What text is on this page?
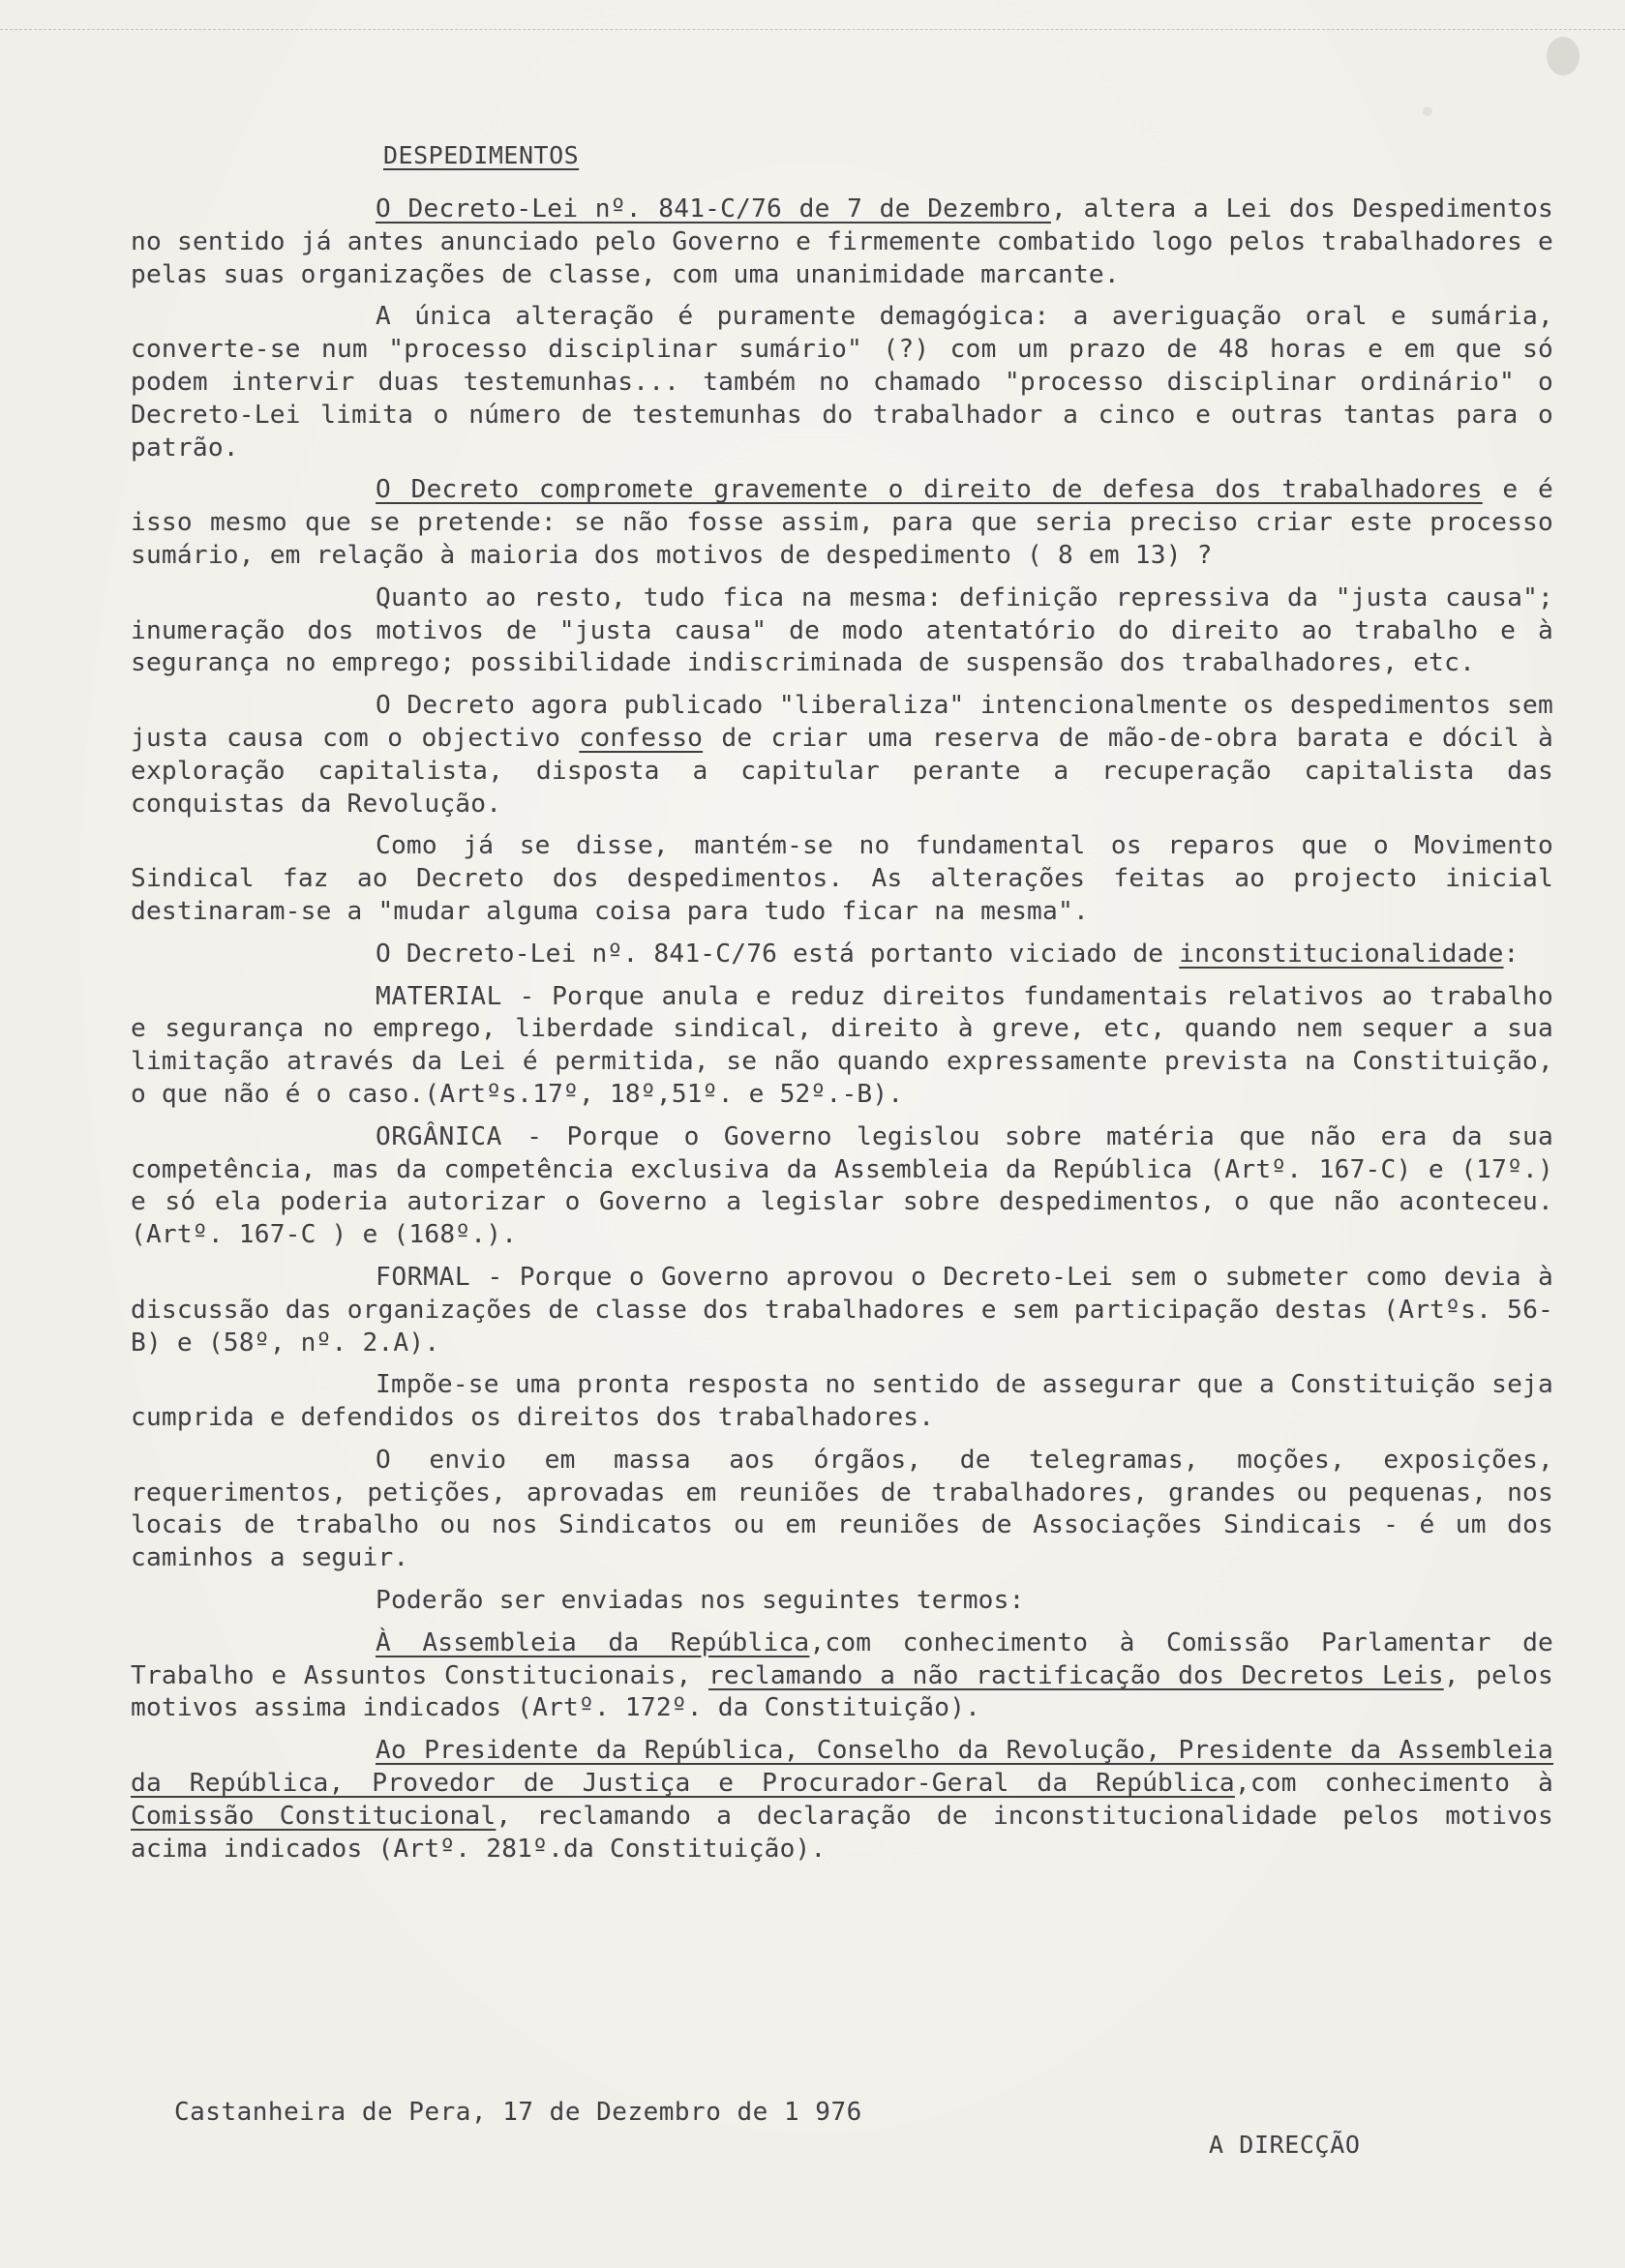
DESPEDIMENTOS

O Decreto-Lei nº. 841-C/76 de 7 de Dezembro, altera a Lei dos Despedimentos no sentido já antes anunciado pelo Governo e firmemente combatido logo pelos trabalhadores e pelas suas organizações de classe, com uma unanimidade marcante.

A única alteração é puramente demagógica: a averiguação oral e sumária, converte-se num "processo disciplinar sumário" (?) com um prazo de 48 horas e em que só podem intervir duas testemunhas... também no chamado "processo disciplinar ordinário" o Decreto-Lei limita o número de testemunhas do trabalhador a cinco e outras tantas para o patrão.

O Decreto compromete gravemente o direito de defesa dos trabalhadores e é isso mesmo que se pretende: se não fosse assim, para que seria preciso criar este processo sumário, em relação à maioria dos motivos de despedimento ( 8 em 13) ?

Quanto ao resto, tudo fica na mesma: definição repressiva da "justa causa"; inumeração dos motivos de "justa causa" de modo atentatório do direito ao trabalho e à segurança no emprego; possibilidade indiscriminada de suspensão dos trabalhadores, etc.

O Decreto agora publicado "liberaliza" intencionalmente os despedimentos sem justa causa com o objectivo confesso de criar uma reserva de mão-de-obra barata e dócil à exploração capitalista, disposta a capitular perante a recuperação capitalista das conquistas da Revolução.

Como já se disse, mantém-se no fundamental os reparos que o Movimento Sindical faz ao Decreto dos despedimentos. As alterações feitas ao projecto inicial destinaram-se a "mudar alguma coisa para tudo ficar na mesma".

O Decreto-Lei nº. 841-C/76 está portanto viciado de inconstitucionalidade:

MATERIAL - Porque anula e reduz direitos fundamentais relativos ao trabalho e segurança no emprego, liberdade sindical, direito à greve, etc, quando nem sequer a sua limitação através da Lei é permitida, se não quando expressamente prevista na Constituição, o que não é o caso.(Artºs.17º, 18º,51º. e 52º.-B).

ORGÂNICA - Porque o Governo legislou sobre matéria que não era da sua competência, mas da competência exclusiva da Assembleia da República (Artº. 167-C) e (17º.) e só ela poderia autorizar o Governo a legislar sobre despedimentos, o que não aconteceu. (Artº. 167-C ) e (168º.).

FORMAL - Porque o Governo aprovou o Decreto-Lei sem o submeter como devia à discussão das organizações de classe dos trabalhadores e sem participação destas (Artºs. 56-B) e (58º, nº. 2.A).

Impõe-se uma pronta resposta no sentido de assegurar que a Constituição seja cumprida e defendidos os direitos dos trabalhadores.

O envio em massa aos órgãos, de telegramas, moções, exposições, requerimentos, petições, aprovadas em reuniões de trabalhadores, grandes ou pequenas, nos locais de trabalho ou nos Sindicatos ou em reuniões de Associações Sindicais - é um dos caminhos a seguir.

Poderão ser enviadas nos seguintes termos:

À Assembleia da República,com conhecimento à Comissão Parlamentar de Trabalho e Assuntos Constitucionais, reclamando a não ractificação dos Decretos Leis, pelos motivos assima indicados (Artº. 172º. da Constituição).

Ao Presidente da República, Conselho da Revolução, Presidente da Assembleia da República, Provedor de Justiça e Procurador-Geral da República,com conhecimento à Comissão Constitucional, reclamando a declaração de inconstitucionalidade pelos motivos acima indicados (Artº. 281º.da Constituição).

Castanheira de Pera, 17 de Dezembro de 1 976
A DIRECÇÃO
